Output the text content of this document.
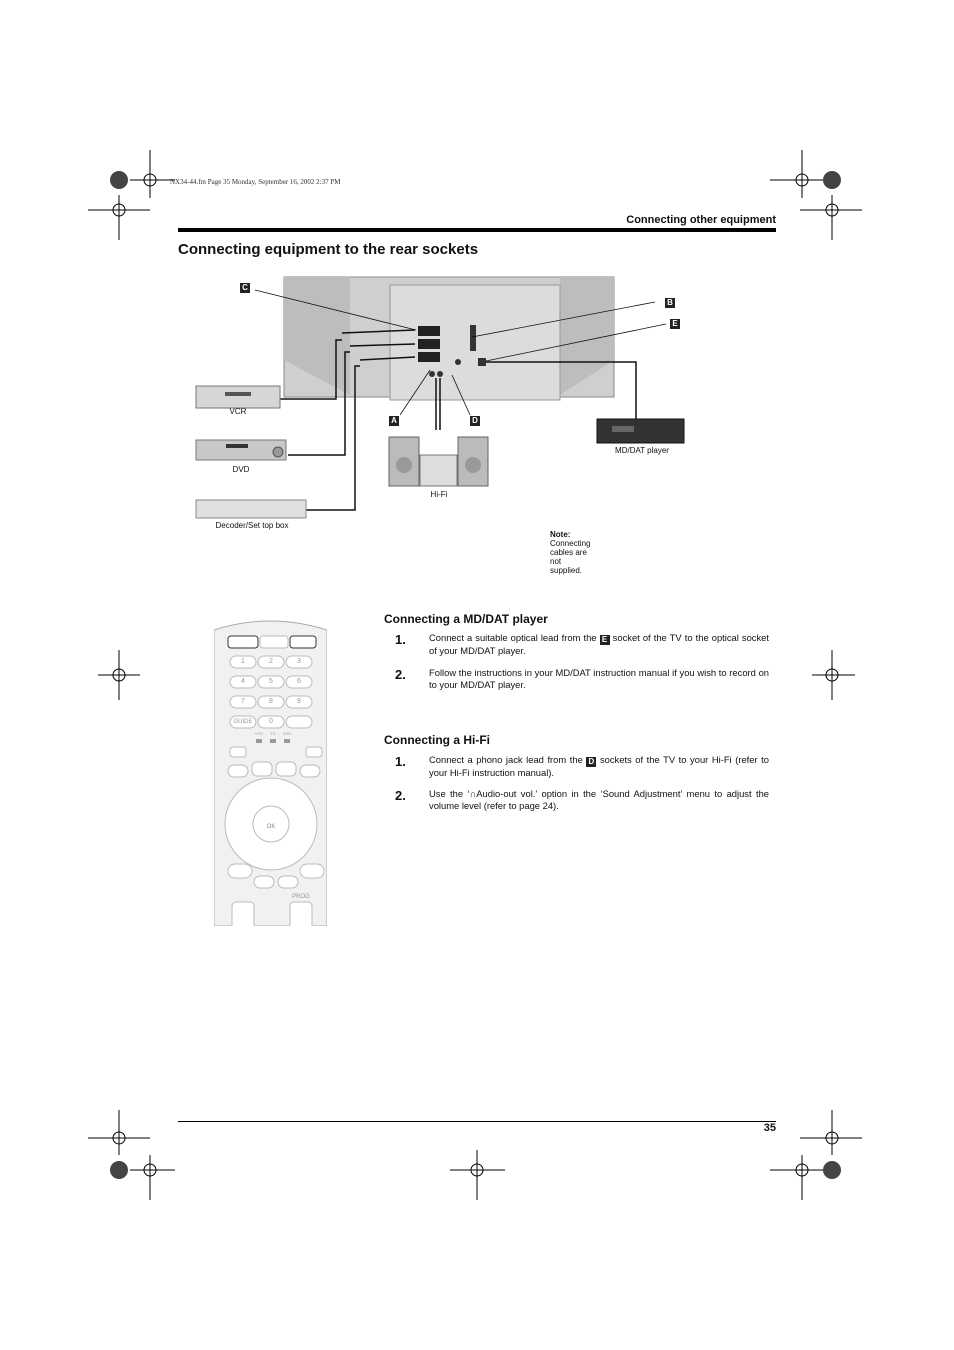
NX34-44.fm Page 35 Monday, September 16, 2002 2:37 PM
Connecting other equipment
Connecting equipment to the rear sockets
C
B
E
A	D
VCR
DVD
Decoder/Set top box
Hi-Fi
MD/DAT player
Note: Connecting cables are not supplied.
1	2	3
4	5	6
7	8	9
GUIDE	0
VTR	TV	DVD
OK
PROG
Connecting a MD/DAT player
1. Connect a suitable optical lead from the E socket of the TV to the optical socket of your MD/DAT player.
2. Follow the instructions in your MD/DAT instruction manual if you wish to record on to your MD/DAT player.
Connecting a Hi-Fi
1. Connect a phono jack lead from the D sockets of the TV to your Hi-Fi (refer to your Hi-Fi instruction manual).
2. Use the ‘∩Audio-out vol.’ option in the ‘Sound Adjustment’ menu to adjust the volume level (refer to page 24).
35
